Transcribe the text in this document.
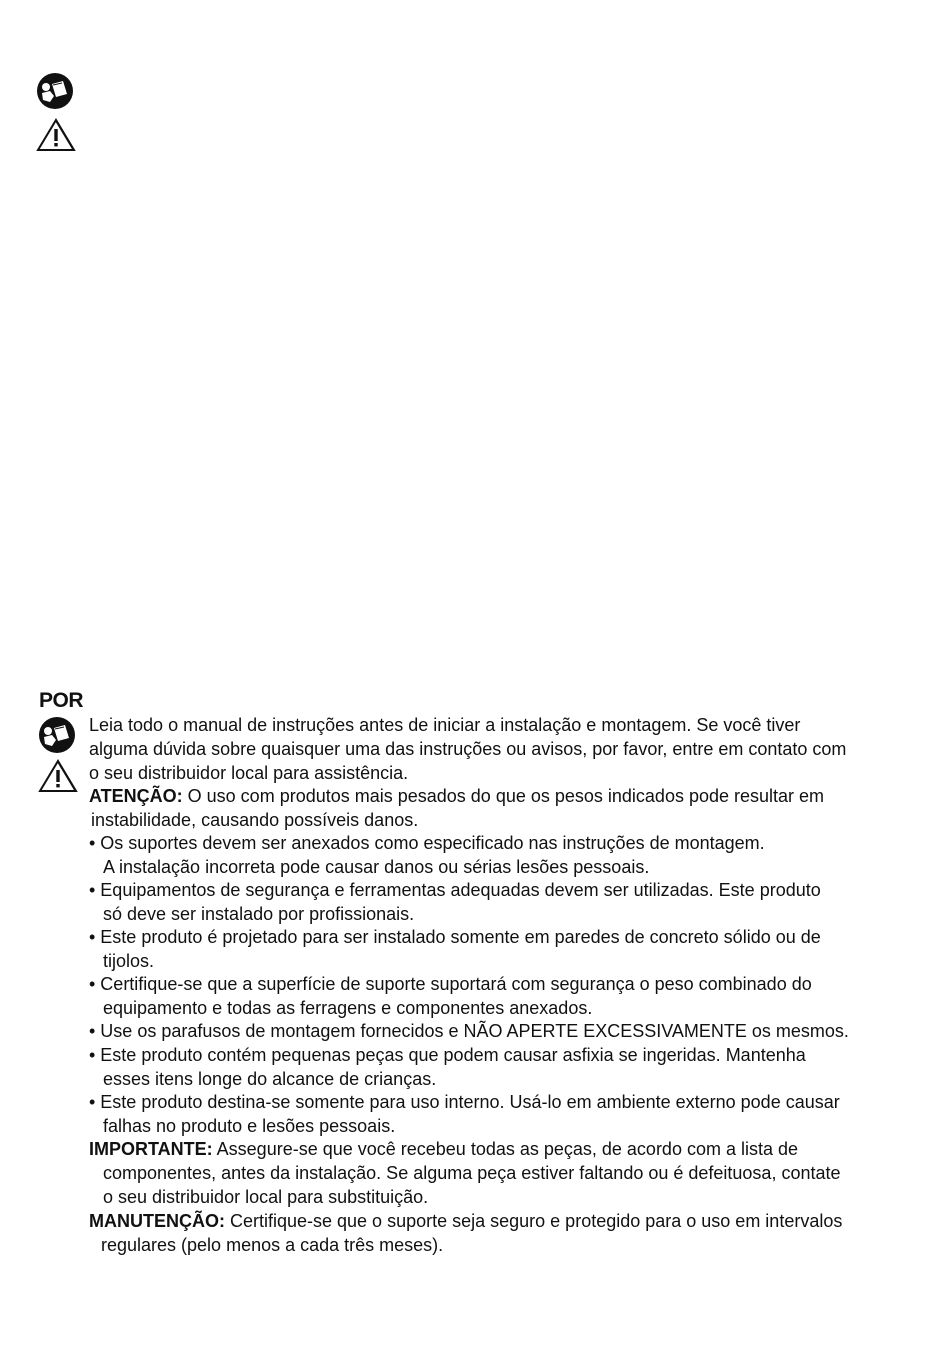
POR
Leia todo o manual de instruções antes de iniciar a instalação e montagem. Se você tiver
alguma dúvida sobre quaisquer uma das instruções ou avisos, por favor, entre em contato com
o seu distribuidor local para assistência.
ATENÇÃO: O uso com produtos mais pesados do que os pesos indicados pode resultar em
instabilidade, causando possíveis danos.
• Os suportes devem ser anexados como especificado nas instruções de montagem.
A instalação incorreta pode causar danos ou sérias lesões pessoais.
• Equipamentos de segurança e ferramentas adequadas devem ser utilizadas. Este produto
só deve ser instalado por profissionais.
• Este produto é projetado para ser instalado somente em paredes de concreto sólido ou de
tijolos.
• Certifique-se que a superfície de suporte suportará com segurança o peso combinado do
equipamento e todas as ferragens e componentes anexados.
• Use os parafusos de montagem fornecidos e NÃO APERTE EXCESSIVAMENTE os mesmos.
• Este produto contém pequenas peças que podem causar asfixia se ingeridas. Mantenha
esses itens longe do alcance de crianças.
• Este produto destina-se somente para uso interno. Usá-lo em ambiente externo pode causar
falhas no produto e lesões pessoais.
IMPORTANTE: Assegure-se que você recebeu todas as peças, de acordo com a lista de
componentes, antes da instalação. Se alguma peça estiver faltando ou é defeituosa, contate
o seu distribuidor local para substituição.
MANUTENÇÃO: Certifique-se que o suporte seja seguro e protegido para o uso em intervalos
regulares (pelo menos a cada três meses).
